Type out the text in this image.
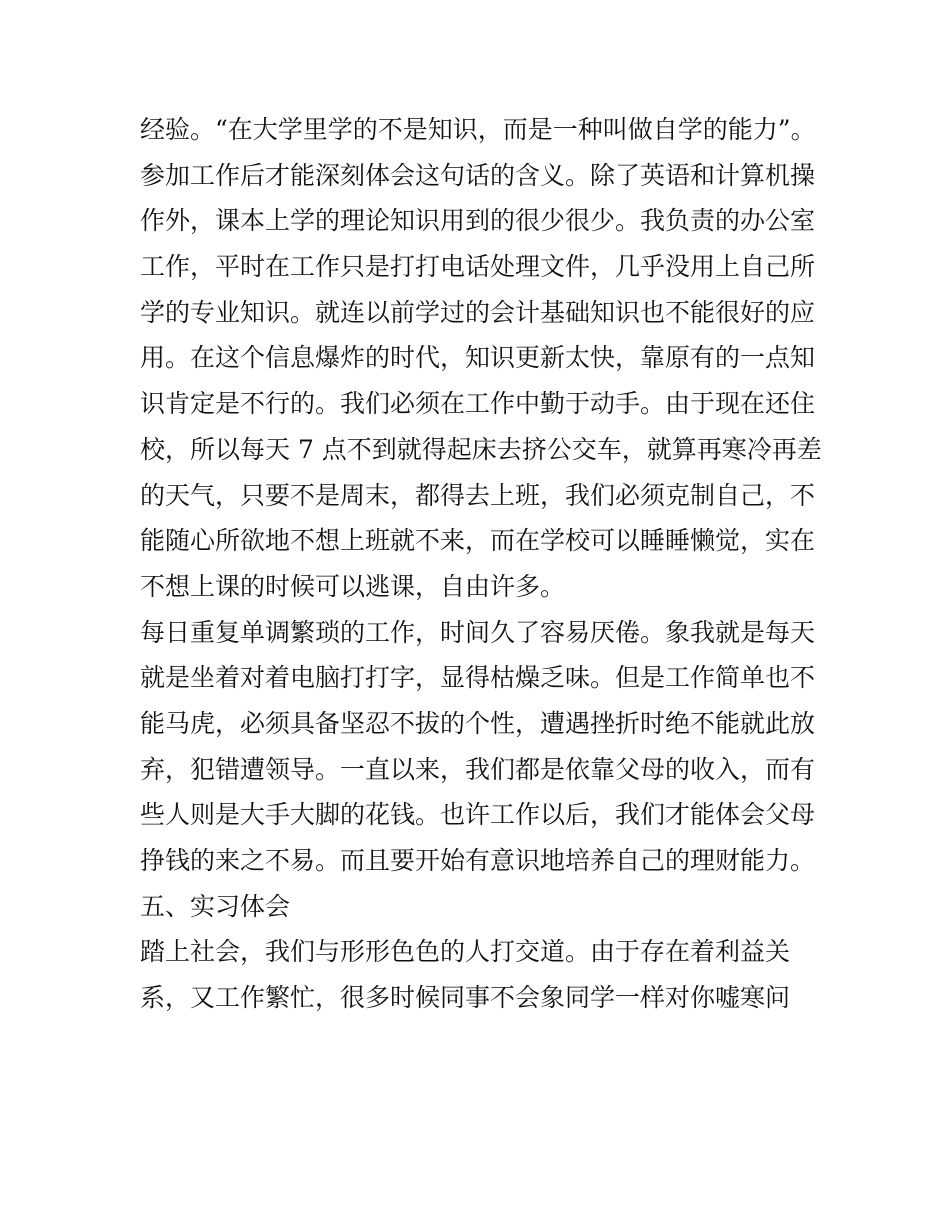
经验。“在大学里学的不是知识，而是一种叫做自学的能力”。
参加工作后才能深刻体会这句话的含义。除了英语和计算机操
作外，课本上学的理论知识用到的很少很少。我负责的办公室
工作，平时在工作只是打打电话处理文件，几乎没用上自己所
学的专业知识。就连以前学过的会计基础知识也不能很好的应
用。在这个信息爆炸的时代，知识更新太快，靠原有的一点知
识肯定是不行的。我们必须在工作中勤于动手。由于现在还住
校，所以每天 7 点不到就得起床去挤公交车，就算再寒冷再差
的天气，只要不是周末，都得去上班，我们必须克制自己，不
能随心所欲地不想上班就不来，而在学校可以睡睡懒觉，实在
不想上课的时候可以逃课，自由许多。
每日重复单调繁琐的工作，时间久了容易厌倦。象我就是每天
就是坐着对着电脑打打字，显得枯燥乏味。但是工作简单也不
能马虎，必须具备坚忍不拔的个性，遭遇挫折时绝不能就此放
弃，犯错遭领导。一直以来，我们都是依靠父母的收入，而有
些人则是大手大脚的花钱。也许工作以后，我们才能体会父母
挣钱的来之不易。而且要开始有意识地培养自己的理财能力。
五、实习体会
踏上社会，我们与形形色色的人打交道。由于存在着利益关
系，又工作繁忙，很多时候同事不会象同学一样对你嘘寒问
